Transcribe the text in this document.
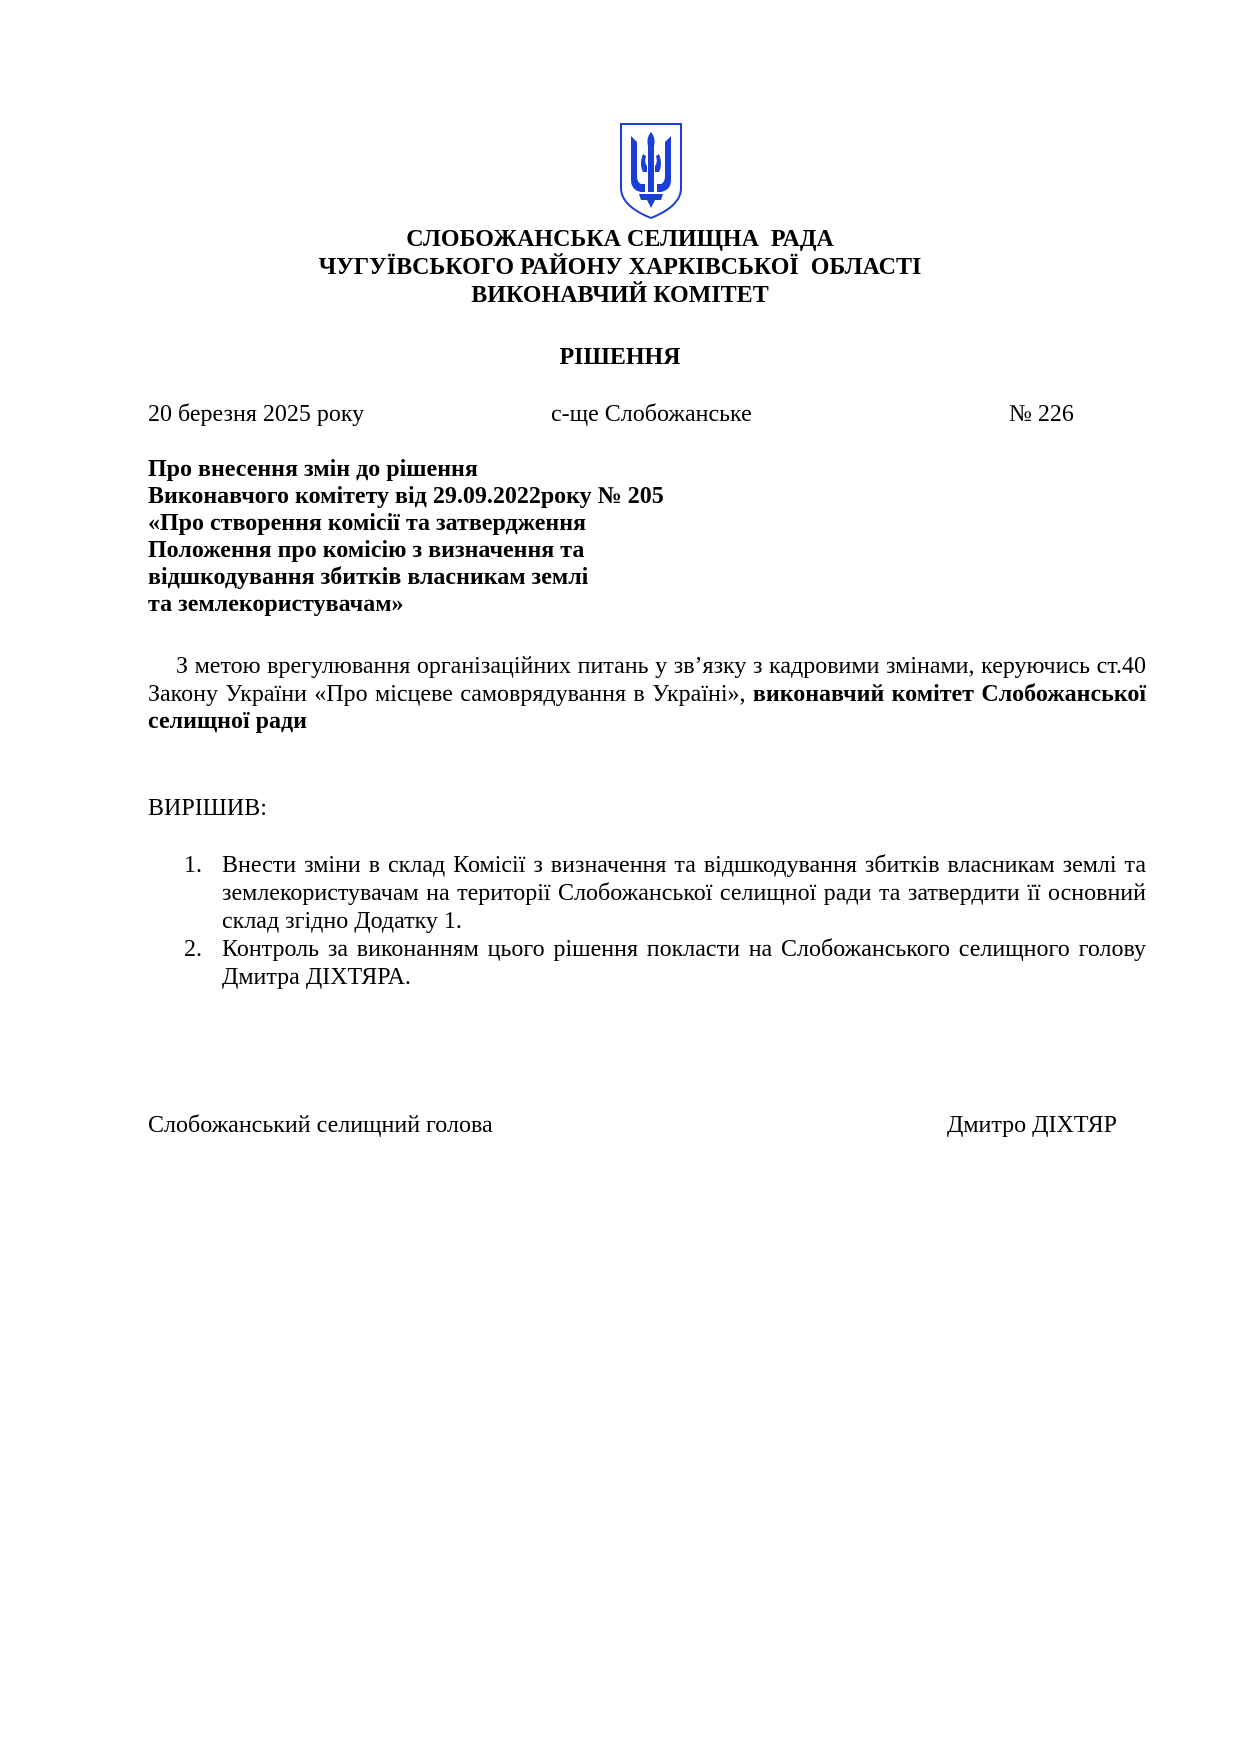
СЛОБОЖАНСЬКА СЕЛИЩНА  РАДА
ЧУГУЇВСЬКОГО РАЙОНУ ХАРКІВСЬКОЇ  ОБЛАСТІ
ВИКОНАВЧИЙ КОМІТЕТ
РІШЕННЯ
20 березня 2025 року	с-ще Слобожанське	№ 226
Про внесення змін до рішення
Виконавчого комітету від 29.09.2022року № 205
«Про створення комісії та затвердження
Положення про комісію з визначення та
відшкодування збитків власникам землі
та землекористувачам»
З метою врегулювання організаційних питань у зв’язку з кадровими змінами, керуючись ст.40 Закону України «Про місцеве самоврядування в Україні», виконавчий комітет Слобожанської селищної ради
ВИРІШИВ:
1. Внести зміни в склад Комісії з визначення та відшкодування збитків власникам землі та землекористувачам на території Слобожанської селищної ради та затвердити її основний склад згідно Додатку 1.
2. Контроль за виконанням цього рішення покласти на Слобожанського селищного голову Дмитра ДІХТЯРА.
Слобожанський селищний голова	Дмитро ДІХТЯР
